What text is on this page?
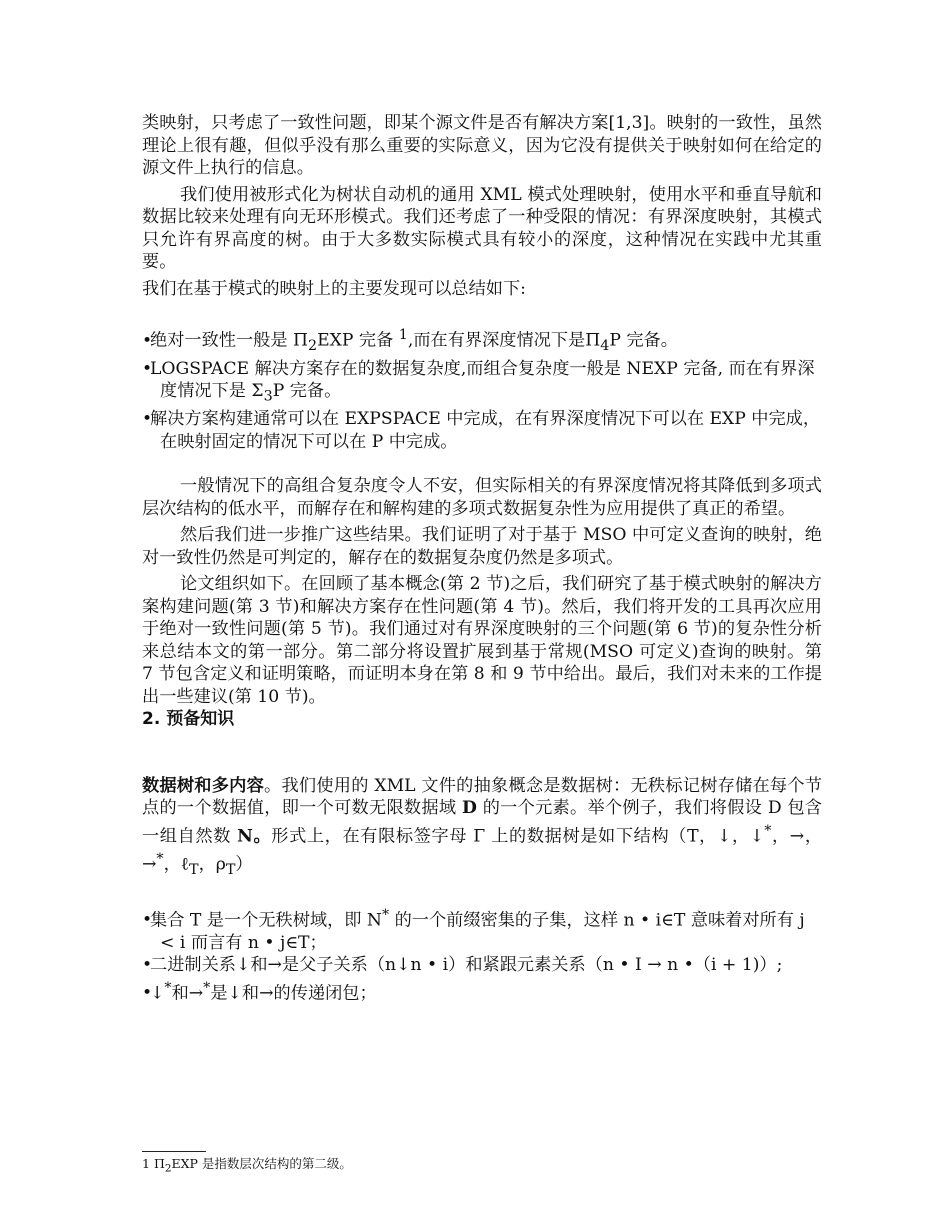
类映射，只考虑了一致性问题，即某个源文件是否有解决方案[1,3]。映射的一致性，虽然理论上很有趣，但似乎没有那么重要的实际意义，因为它没有提供关于映射如何在给定的源文件上执行的信息。

我们使用被形式化为树状自动机的通用 XML 模式处理映射，使用水平和垂直导航和数据比较来处理有向无环形模式。我们还考虑了一种受限的情况：有界深度映射，其模式只允许有界高度的树。由于大多数实际模式具有较小的深度，这种情况在实践中尤其重要。

我们在基于模式的映射上的主要发现可以总结如下:

•绝对一致性一般是 $\Pi_2EXP$ 完备 $^1$,而在有界深度情况下是$\Pi_4P$ 完备。

•LOGSPACE 解决方案存在的数据复杂度,而组合复杂度一般是 NEXP 完备, 而在有界深度情况下是 $\Sigma_3P$ 完备。

•解决方案构建通常可以在 EXPSPACE 中完成，在有界深度情况下可以在 EXP 中完成，在映射固定的情况下可以在 P 中完成。

一般情况下的高组合复杂度令人不安，但实际相关的有界深度情况将其降低到多项式层次结构的低水平，而解存在和解构建的多项式数据复杂性为应用提供了真正的希望。

然后我们进一步推广这些结果。我们证明了对于基于 MSO 中可定义查询的映射，绝对一致性仍然是可判定的，解存在的数据复杂度仍然是多项式。

论文组织如下。在回顾了基本概念(第 2 节)之后，我们研究了基于模式映射的解决方案构建问题(第 3 节)和解决方案存在性问题(第 4 节)。然后，我们将开发的工具再次应用于绝对一致性问题(第 5 节)。我们通过对有界深度映射的三个问题(第 6 节)的复杂性分析来总结本文的第一部分。第二部分将设置扩展到基于常规(MSO 可定义)查询的映射。第 7 节包含定义和证明策略，而证明本身在第 8 和 9 节中给出。最后，我们对未来的工作提出一些建议(第 10 节)。

2. 预备知识

数据树和多内容。我们使用的 XML 文件的抽象概念是数据树：无秩标记树存储在每个节点的一个数据值，即一个可数无限数据域 D 的一个元素。举个例子，我们将假设 D 包含一组自然数 N。形式上，在有限标签字母 Γ 上的数据树是如下结构（T，↓，↓*，→，→*，ℓ$_T$，$\rho_T$）

•集合 T 是一个无秩树域，即 N* 的一个前缀密集的子集，这样 n • i∈T 意味着对所有 j < i 而言有 n • j∈T；

•二进制关系↓和→是父子关系（n↓n • i）和紧跟元素关系（n • I → n •（i + 1)）;

•↓*和→*是↓和→的传递闭包；

1 $\Pi_2EXP$ 是指数层次结构的第二级。
